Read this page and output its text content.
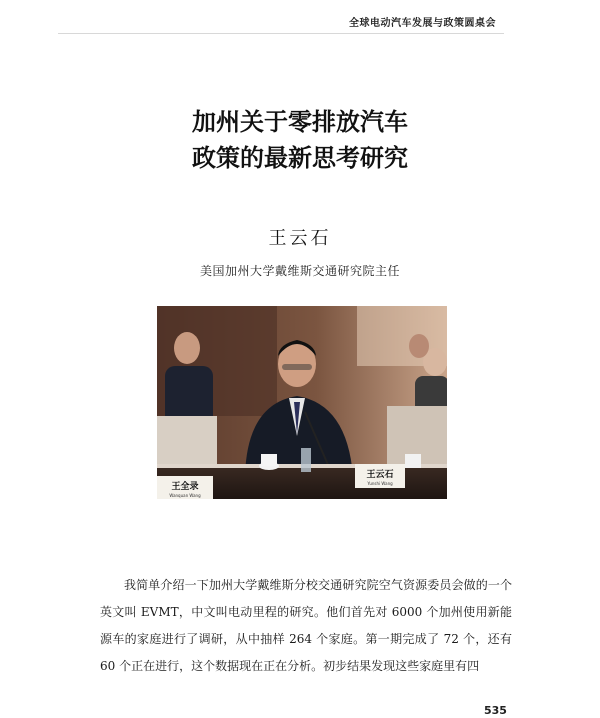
全球电动汽车发展与政策圆桌会
加州关于零排放汽车
政策的最新思考研究
王云石
美国加州大学戴维斯交通研究院主任
王全录
Wanquan Wang
王云石
Yunshi Wang

我简单介绍一下加州大学戴维斯分校交通研究院空气资源委员会做的一个英文叫 EVMT，中文叫电动里程的研究。他们首先对 6000 个加州使用新能源车的家庭进行了调研，从中抽样 264 个家庭。第一期完成了 72 个，还有 60 个正在进行，这个数据现在正在分析。初步结果发现这些家庭里有四

535
